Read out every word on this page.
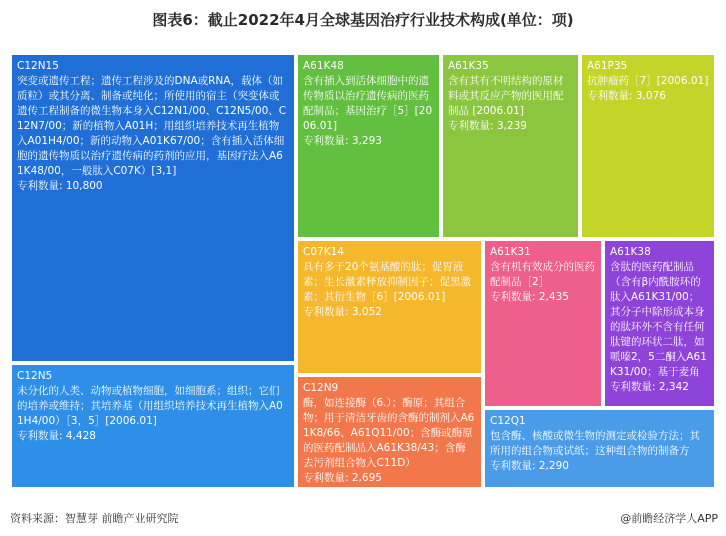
图表6：截止2022年4月全球基因治疗行业技术构成(单位：项)
C12N15
突变或遗传工程；遗传工程涉及的DNA或RNA，载体（如质粒）或其分离、制备或纯化；所使用的宿主（突变体或遗传工程制备的微生物本身入C12N1/00、C12N5/00、C12N7/00；新的植物入A01H；用组织培养技术再生植物入A01H4/00；新的动物入A01K67/00；含有插入活体细胞的遗传物质以治疗遗传病的药剂的应用，基因疗法入A61K48/00，一般肽入C07K）[3,1]
专利数量: 10,800
A61K48
含有插入到活体细胞中的遗传物质以治疗遗传病的医药配制品；基因治疗［5］[2006.01]
专利数量: 3,293
A61K35
含有其有不明结构的原材料或其反应产物的医用配制品 [2006.01]
专利数量: 3,239
A61P35
抗肿瘤药［7］[2006.01]
专利数量: 3,076
C12N5
未分化的人类、动物或植物细胞，如细胞系；组织；它们的培养或维持；其培养基（用组织培养技术再生植物入A01H4/00）［3，5］[2006.01]
专利数量: 4,428
C07K14
具有多于20个氨基酸的肽；促胃液素；生长激素释放抑制因子；促黑激素；其衍生物［6］[2006.01]
专利数量: 3,052
A61K31
含有机有效成分的医药配制品［2］
专利数量: 2,435
A61K38
含肽的医药配制品（含有β内酰胺环的肽入A61K31/00；其分子中除形成本身的肽环外不含有任何肽键的环状二肽，如哌嗪2，5二酮入A61K31/00；基于麦角
专利数量: 2,342
C12N9
酶，如连接酶（6.）；酶原；其组合物；用于清洁牙齿的含酶的制剂入A61K8/66、A61Q11/00；含酶或酶原的医药配制品入A61K38/43；含酶去污剂组合物入C11D）
专利数量: 2,695
C12Q1
包含酶、核酸或微生物的测定或检验方法；其所用的组合物或试纸；这种组合物的制备方
专利数量: 2,290
资料来源：智慧芽 前瞻产业研究院	@前瞻经济学人APP
